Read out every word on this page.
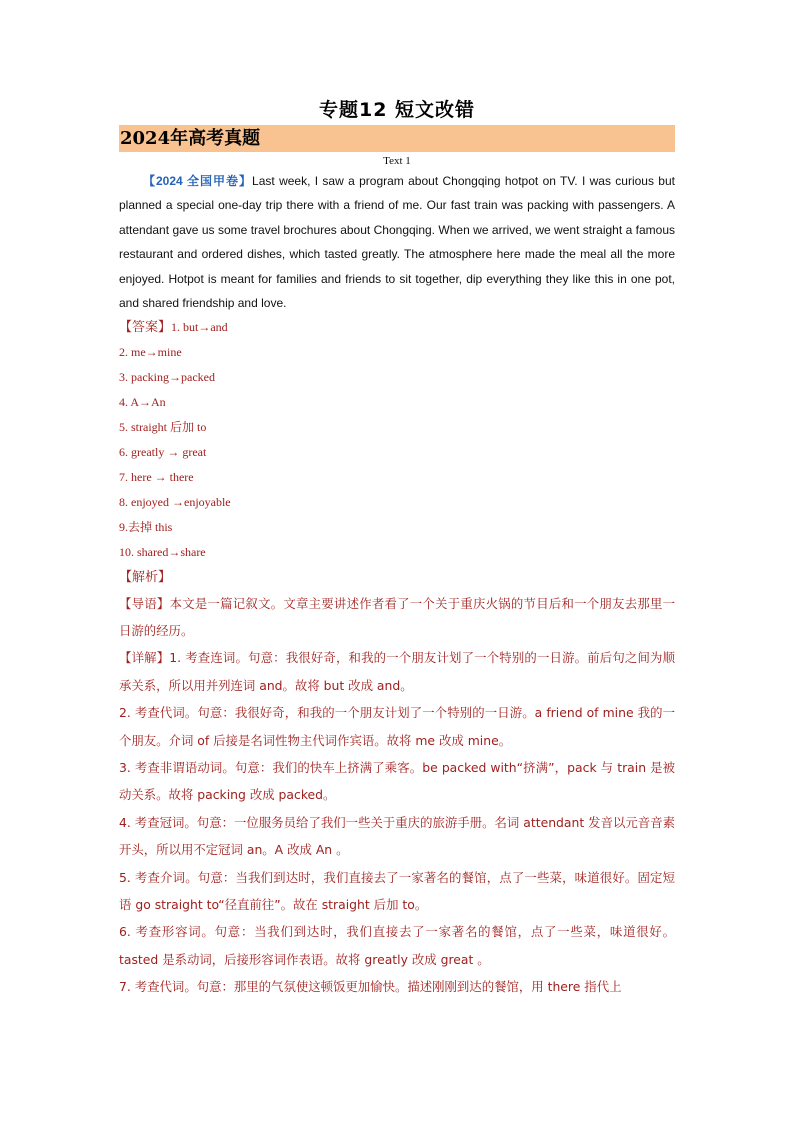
专题12 短文改错
2024年高考真题
Text 1
【2024 全国甲卷】Last week, I saw a program about Chongqing hotpot on TV. I was curious but planned a special one-day trip there with a friend of me. Our fast train was packing with passengers. A attendant gave us some travel brochures about Chongqing. When we arrived, we went straight a famous restaurant and ordered dishes, which tasted greatly. The atmosphere here made the meal all the more enjoyed. Hotpot is meant for families and friends to sit together, dip everything they like this in one pot, and shared friendship and love.
【答案】1. but→and
2. me→mine
3. packing→packed
4. A→An
5. straight 后加 to
6. greatly → great
7. here → there
8. enjoyed →enjoyable
9.去掉 this
10. shared→share
【解析】
【导语】本文是一篇记叙文。文章主要讲述作者看了一个关于重庆火锅的节目后和一个朋友去那里一日游的经历。
【详解】1. 考查连词。句意：我很好奇，和我的一个朋友计划了一个特别的一日游。前后句之间为顺承关系，所以用并列连词 and。故将 but 改成 and。
2. 考查代词。句意：我很好奇，和我的一个朋友计划了一个特别的一日游。a friend of mine 我的一个朋友。介词 of 后接是名词性物主代词作宾语。故将 me 改成 mine。
3. 考查非谓语动词。句意：我们的快车上挤满了乘客。be packed with“挤满”，pack 与 train 是被动关系。故将 packing 改成 packed。
4. 考查冠词。句意：一位服务员给了我们一些关于重庆的旅游手册。名词 attendant 发音以元音音素开头，所以用不定冠词 an。A 改成 An 。
5. 考查介词。句意：当我们到达时，我们直接去了一家著名的餐馆，点了一些菜，味道很好。固定短语 go straight to“径直前往”。故在 straight 后加 to。
6. 考查形容词。句意：当我们到达时，我们直接去了一家著名的餐馆，点了一些菜，味道很好。tasted 是系动词，后接形容词作表语。故将 greatly 改成 great 。
7. 考查代词。句意：那里的气氛使这顿饭更加愉快。描述刚刚到达的餐馆，用 there 指代上
